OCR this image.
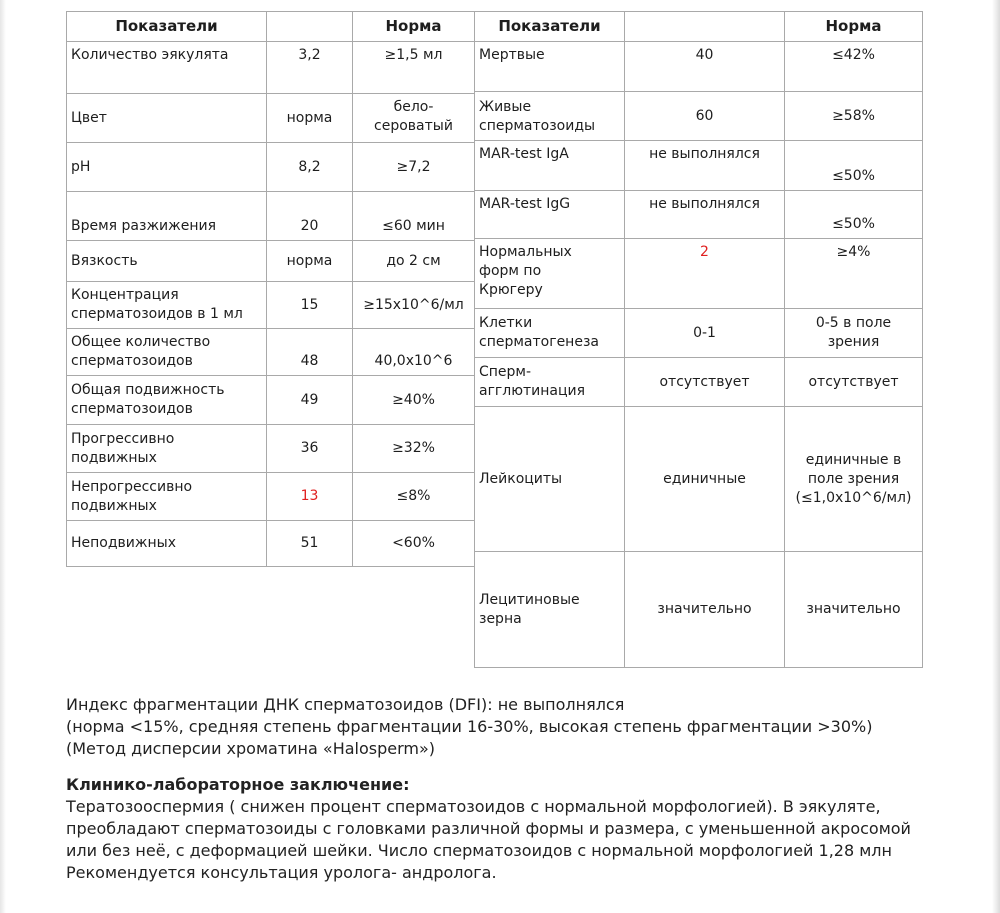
Показатели		Норма
Количество эякулята	3,2	≥1,5 мл
Цвет	норма	бело-
сероватый
pH	8,2	≥7,2
Время разжижения	20	≤60 мин
Вязкость	норма	до 2 см
Концентрация
сперматозоидов в 1 мл	15	≥15x10^6/мл
Общее количество
сперматозоидов	48	40,0x10^6
Общая подвижность
сперматозоидов	49	≥40%
Прогрессивно
подвижных	36	≥32%
Непрогрессивно
подвижных	13	≤8%
Неподвижных	51	<60%
Показатели		Норма
Мертвые	40	≤42%
Живые
сперматозоиды	60	≥58%
MAR-test IgA	не выполнялся	≤50%
MAR-test IgG	не выполнялся	≤50%
Нормальных
форм по
Крюгеру	2	≥4%
Клетки
сперматогенеза	0-1	0-5 в поле
зрения
Сперм-
агглютинация	отсутствует	отсутствует
Лейкоциты	единичные	единичные в
поле зрения
(≤1,0x10^6/мл)
Лецитиновые
зерна	значительно	значительно
Индекс фрагментации ДНК сперматозоидов (DFI): не выполнялся
(норма <15%, средняя степень фрагментации 16-30%, высокая степень фрагментации >30%)
(Метод дисперсии хроматина «Halosperm»)
Клинико-лабораторное заключение:
Тератозооспермия ( снижен процент сперматозоидов с нормальной морфологией). В эякуляте,
преобладают сперматозоиды с головками различной формы и размера, с уменьшенной акросомой
или без неё, с деформацией шейки. Число сперматозоидов с нормальной морфологией 1,28 млн
Рекомендуется консультация уролога- андролога.
